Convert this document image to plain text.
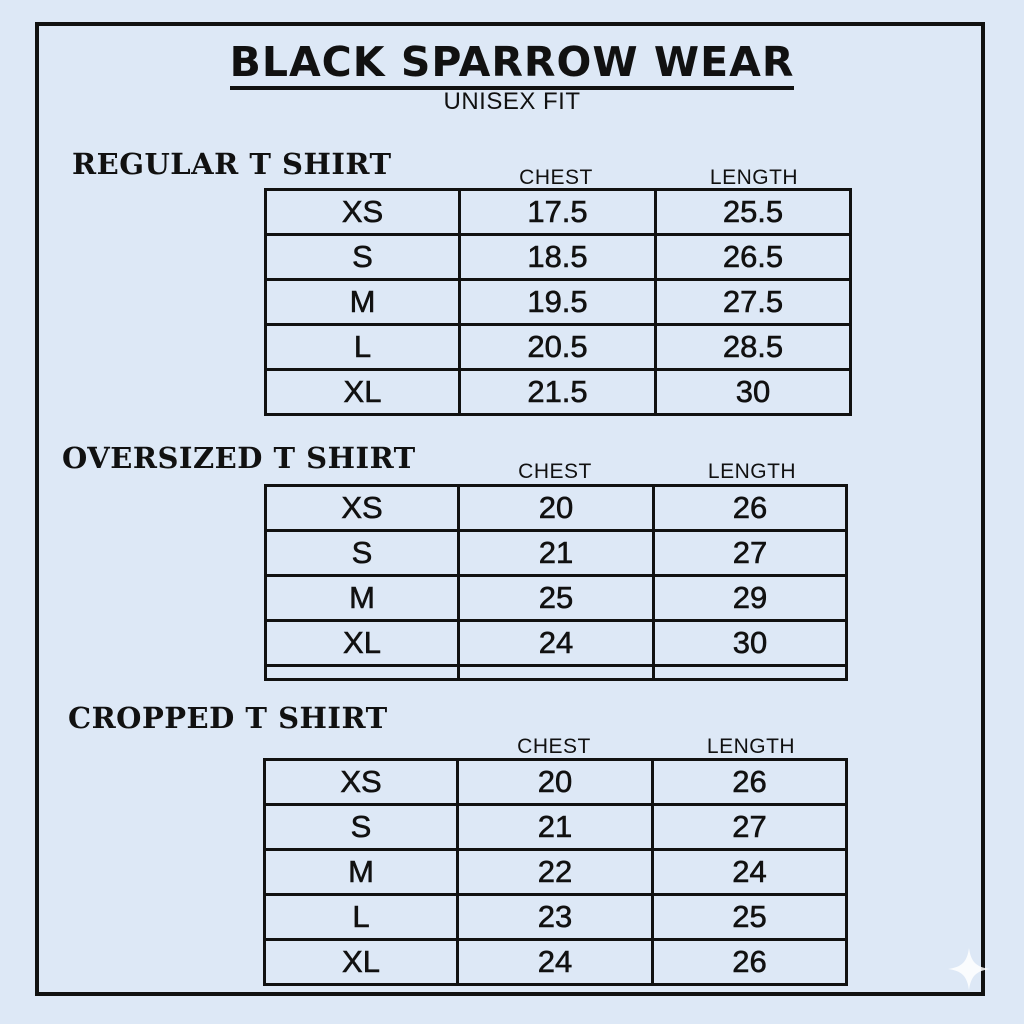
BLACK SPARROW WEAR
UNISEX FIT
REGULAR T SHIRT	CHEST	LENGTH
XS	17.5	25.5
S	18.5	26.5
M	19.5	27.5
L	20.5	28.5
XL	21.5	30
OVERSIZED T SHIRT	CHEST	LENGTH
XS	20	26
S	21	27
M	25	29
XL	24	30

CROPPED T SHIRT
CHEST	LENGTH
XS	20	26
S	21	27
M	22	24
L	23	25
XL	24	26
